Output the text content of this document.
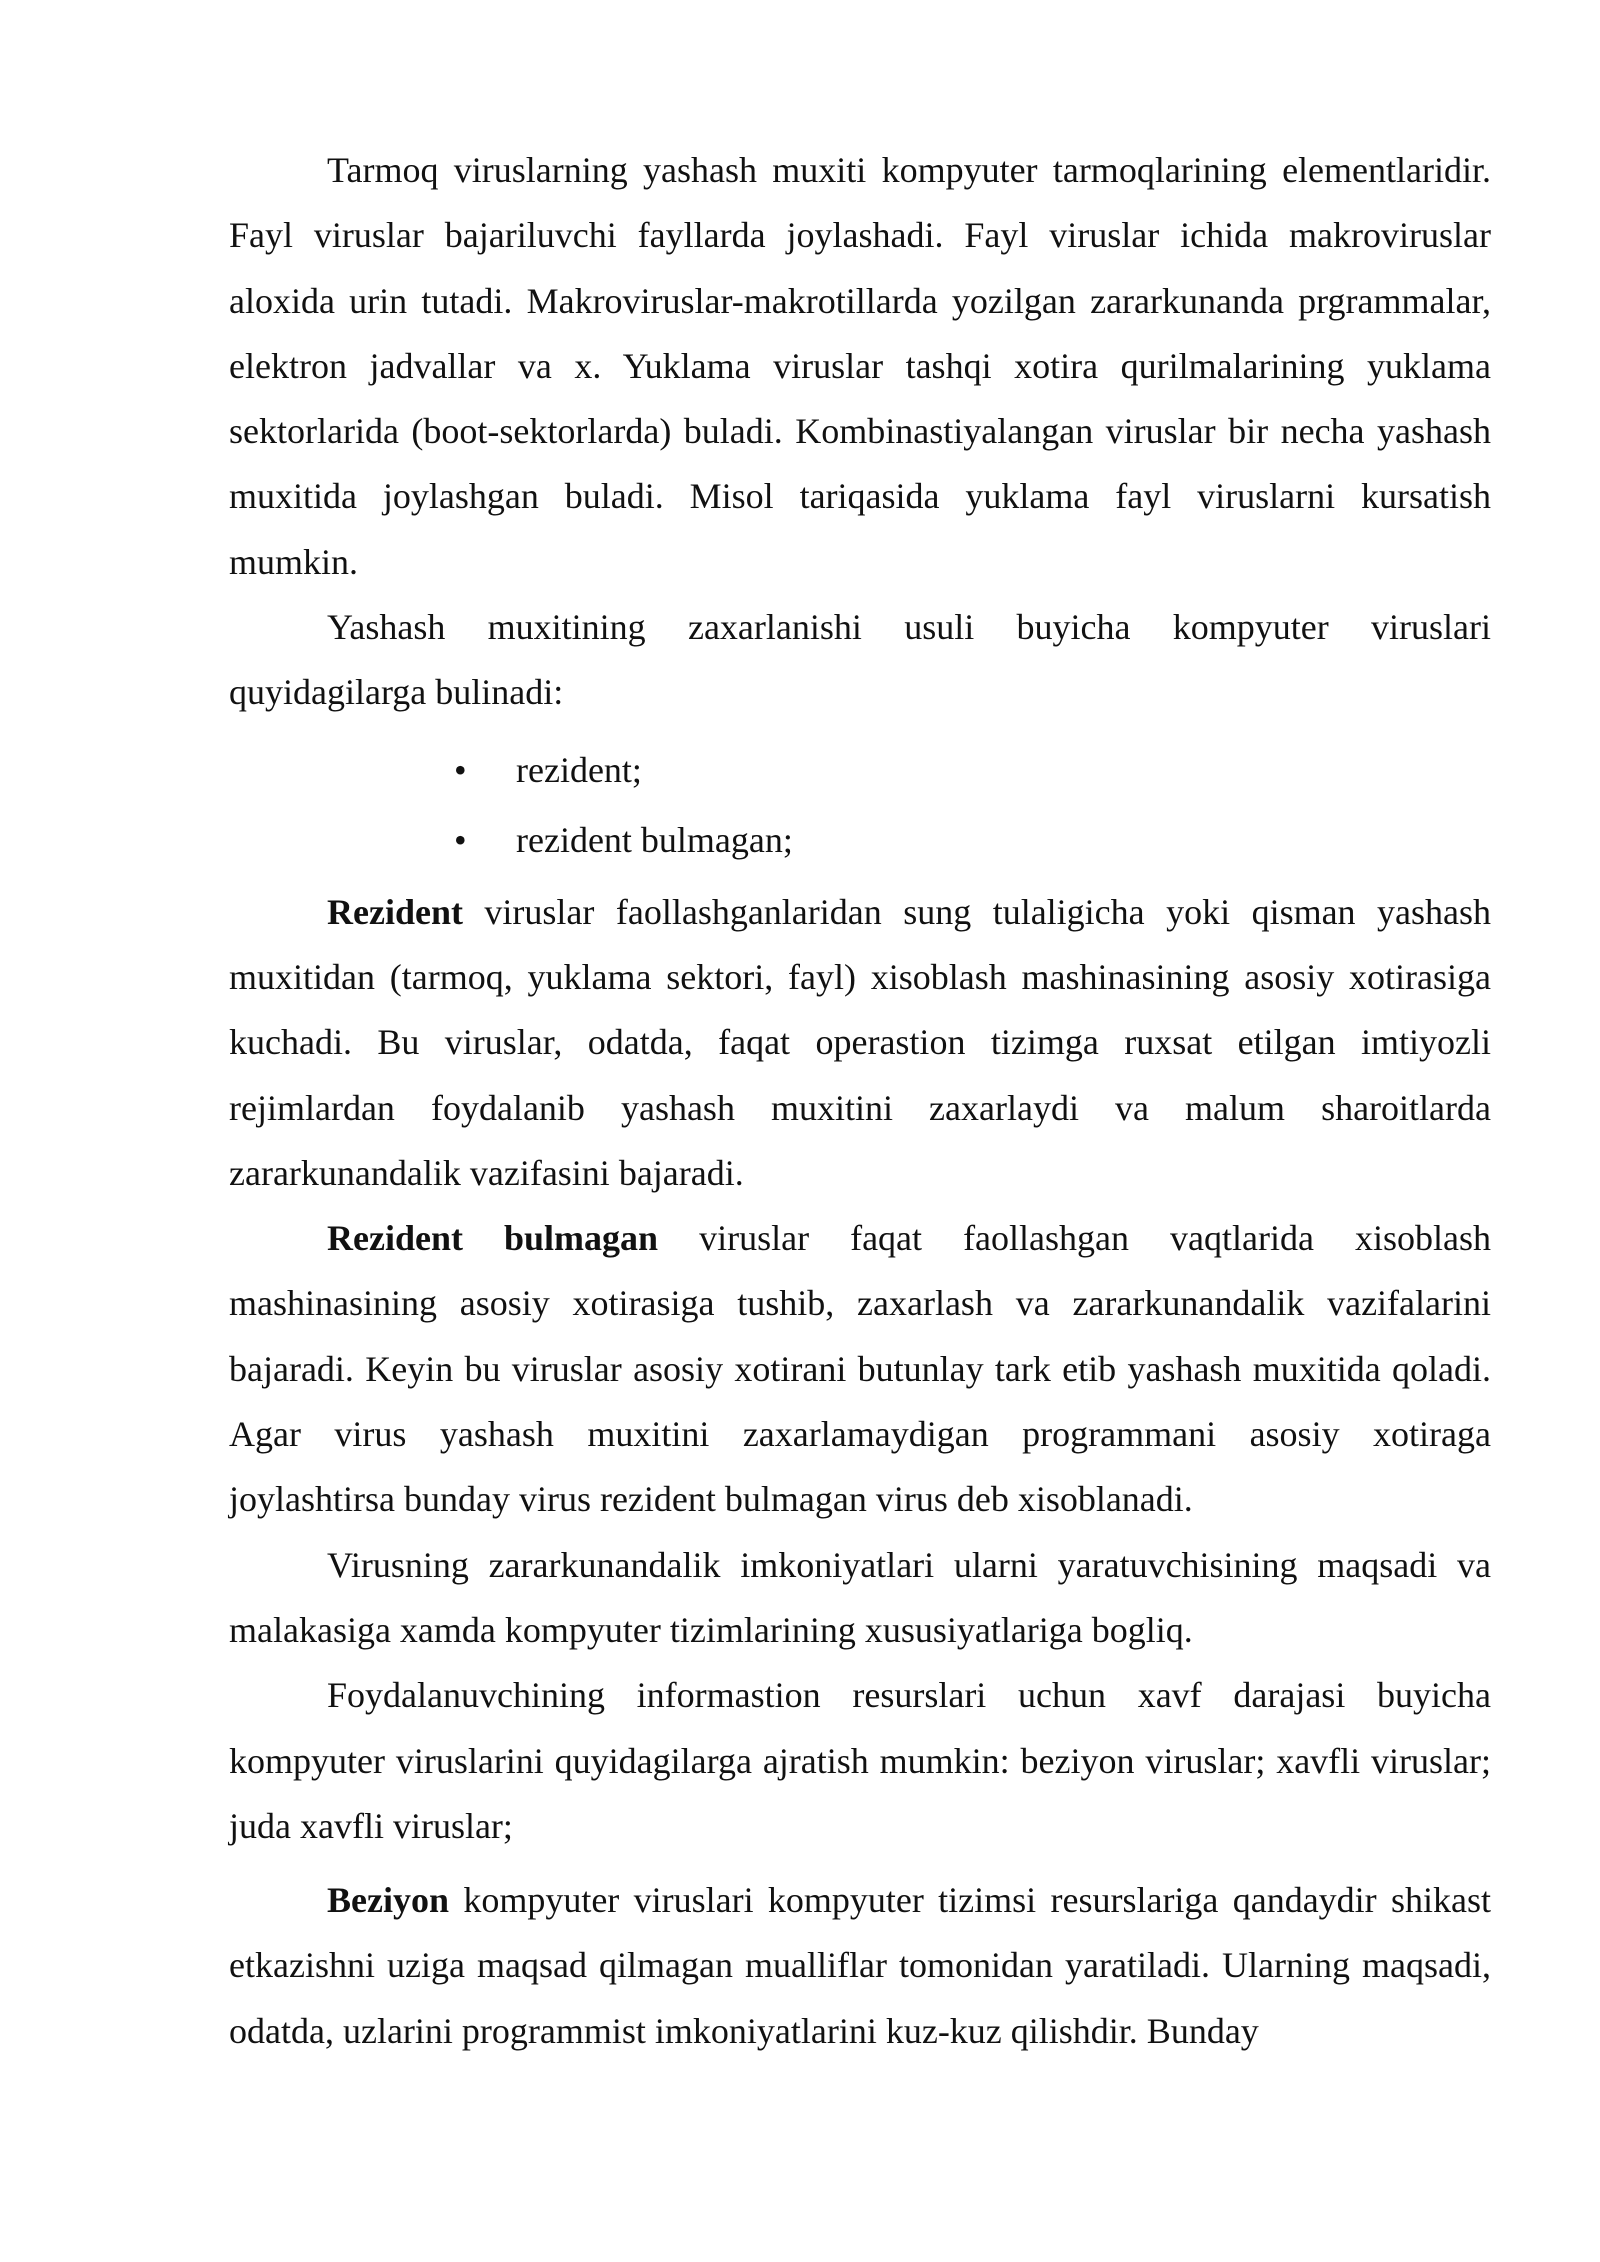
Tarmoq viruslarning yashash muxiti kompyuter tarmoqlarining elementlaridir. Fayl viruslar bajariluvchi fayllarda joylashadi. Fayl viruslar ichida makroviruslar aloxida urin tutadi. Makroviruslar-makrotillarda yozilgan zararkunanda prgrammalar, elektron jadvallar va x. Yuklama viruslar tashqi xotira qurilmalarining yuklama sektorlarida (boot-sektorlarda) buladi. Kombinastiyalangan viruslar bir necha yashash muxitida joylashgan buladi. Misol tariqasida yuklama fayl viruslarni kursatish mumkin.

Yashash muxitining zaxarlanishi usuli buyicha kompyuter viruslari quyidagilarga bulinadi:

• rezident;
• rezident bulmagan;

Rezident viruslar faollashganlaridan sung tulaligicha yoki qisman yashash muxitidan (tarmoq, yuklama sektori, fayl) xisoblash mashinasining asosiy xotirasiga kuchadi. Bu viruslar, odatda, faqat operastion tizimga ruxsat etilgan imtiyozli rejimlardan foydalanib yashash muxitini zaxarlaydi va malum sharoitlarda zararkunandalik vazifasini bajaradi.

Rezident bulmagan viruslar faqat faollashgan vaqtlarida xisoblash mashinasining asosiy xotirasiga tushib, zaxarlash va zararkunandalik vazifalarini bajaradi. Keyin bu viruslar asosiy xotirani butunlay tark etib yashash muxitida qoladi. Agar virus yashash muxitini zaxarlamaydigan programmani asosiy xotiraga joylashtirsa bunday virus rezident bulmagan virus deb xisoblanadi.

Virusning zararkunandalik imkoniyatlari ularni yaratuvchisining maqsadi va malakasiga xamda kompyuter tizimlarining xususiyatlariga bogliq.

Foydalanuvchining informastion resurslari uchun xavf darajasi buyicha kompyuter viruslarini quyidagilarga ajratish mumkin: beziyon viruslar; xavfli viruslar; juda xavfli viruslar;

Beziyon kompyuter viruslari kompyuter tizimsi resurslariga qandaydir shikast etkazishni uziga maqsad qilmagan mualliflar tomonidan yaratiladi. Ularning maqsadi, odatda, uzlarini programmist imkoniyatlarini kuz-kuz qilishdir. Bunday
